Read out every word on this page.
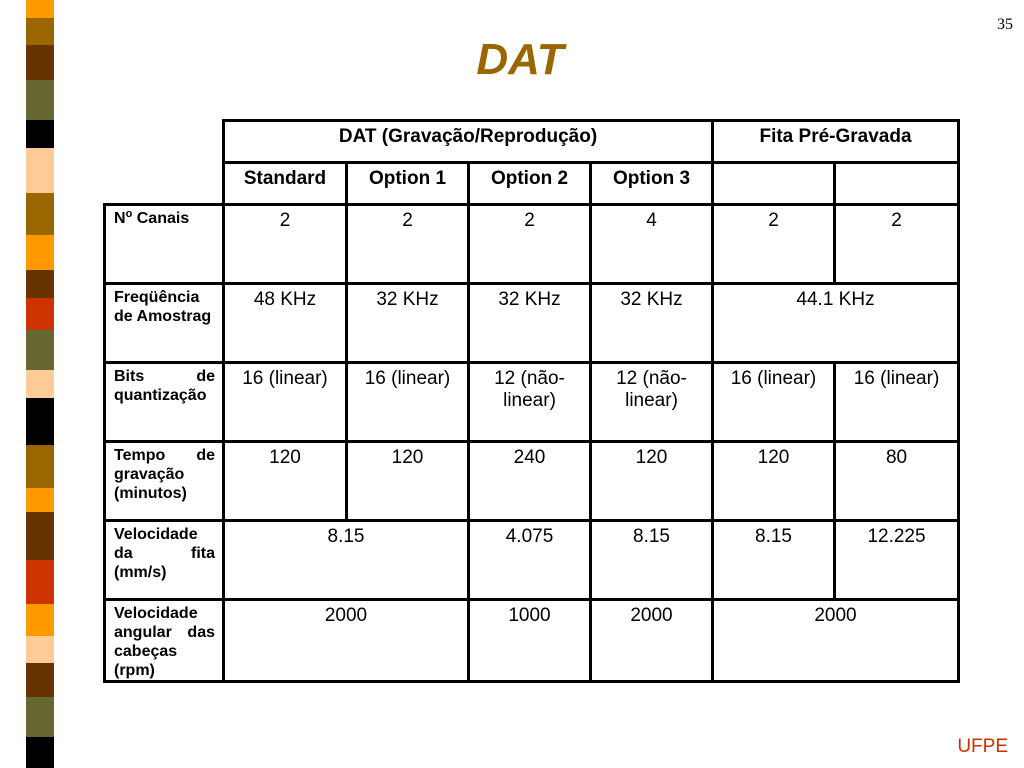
35
DAT
	DAT (Gravação/Reprodução)				Fita Pré-Gravada	
	Standard	Option 1	Option 2	Option 3		
$N^o$ Canais	2	2	2	4	2	2

Freqüência
de Amostrag	48 KHz	32 KHz	32 KHz	32 KHz	44.1 KHz	

Bits de
quantização	16 (linear)	16 (linear)	12 (não-linear)	12 (não-linear)	16 (linear)	16 (linear)

Tempo de
gravação
(minutos)	120	120	240	120	120	80

Velocidade
da fita
(mm/s)	8.15		4.075	8.15	8.15	12.225

Velocidade
angular das
cabeças
(rpm)	2000		1000	2000	2000	
UFPE
